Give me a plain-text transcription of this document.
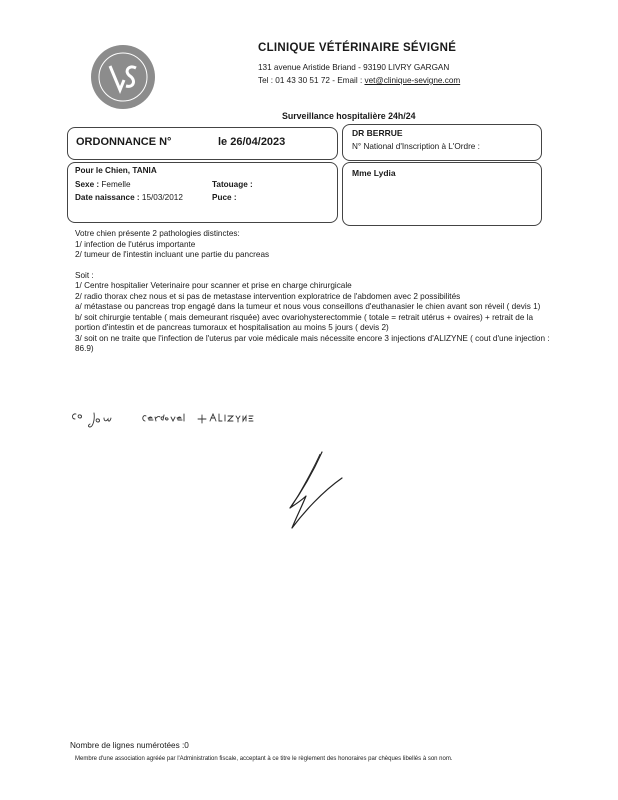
CLINIQUE VÉTÉRINAIRE SÉVIGNÉ
131 avenue Aristide Briand - 93190 LIVRY GARGAN
Tel : 01 43 30 51 72 - Email : vet@clinique-sevigne.com
Surveillance hospitalière 24h/24
ORDONNANCE N°	le 26/04/2023
DR BERRUE
N° National d'Inscription à L'Ordre :
Mme Lydia
Pour le Chien, TANIA
Sexe : Femelle
Date naissance : 15/03/2012
Tatouage :
Puce :
Votre chien présente 2 pathologies distinctes:
1/ infection de l'utérus importante
2/ tumeur de l'intestin incluant une partie du pancreas
Soit :
1/ Centre hospitalier Veterinaire pour scanner et prise en charge chirurgicale
2/ radio thorax chez nous et si pas de metastase intervention exploratrice de l'abdomen avec 2 possibilités
a/ métastase ou pancreas trop engagé dans la tumeur et nous vous conseillons d'euthanasier le chien avant son réveil ( devis 1)
b/ soit chirurgie tentable ( mais demeurant risquée) avec ovariohysterectommie ( totale = retrait utérus + ovaires) + retrait de la portion d'intestin et de pancreas tumoraux et hospitalisation au moins 5 jours ( devis 2)
3/ soit on ne traite que l'infection de l'uterus par voie médicale mais nécessite encore 3 injections d'ALIZYNE ( cout d'une injection : 86.9)
Nombre de lignes numérotées :0
Membre d'une association agréée par l'Administration fiscale, acceptant à ce titre le règlement des honoraires par chèques libellés à son nom.
